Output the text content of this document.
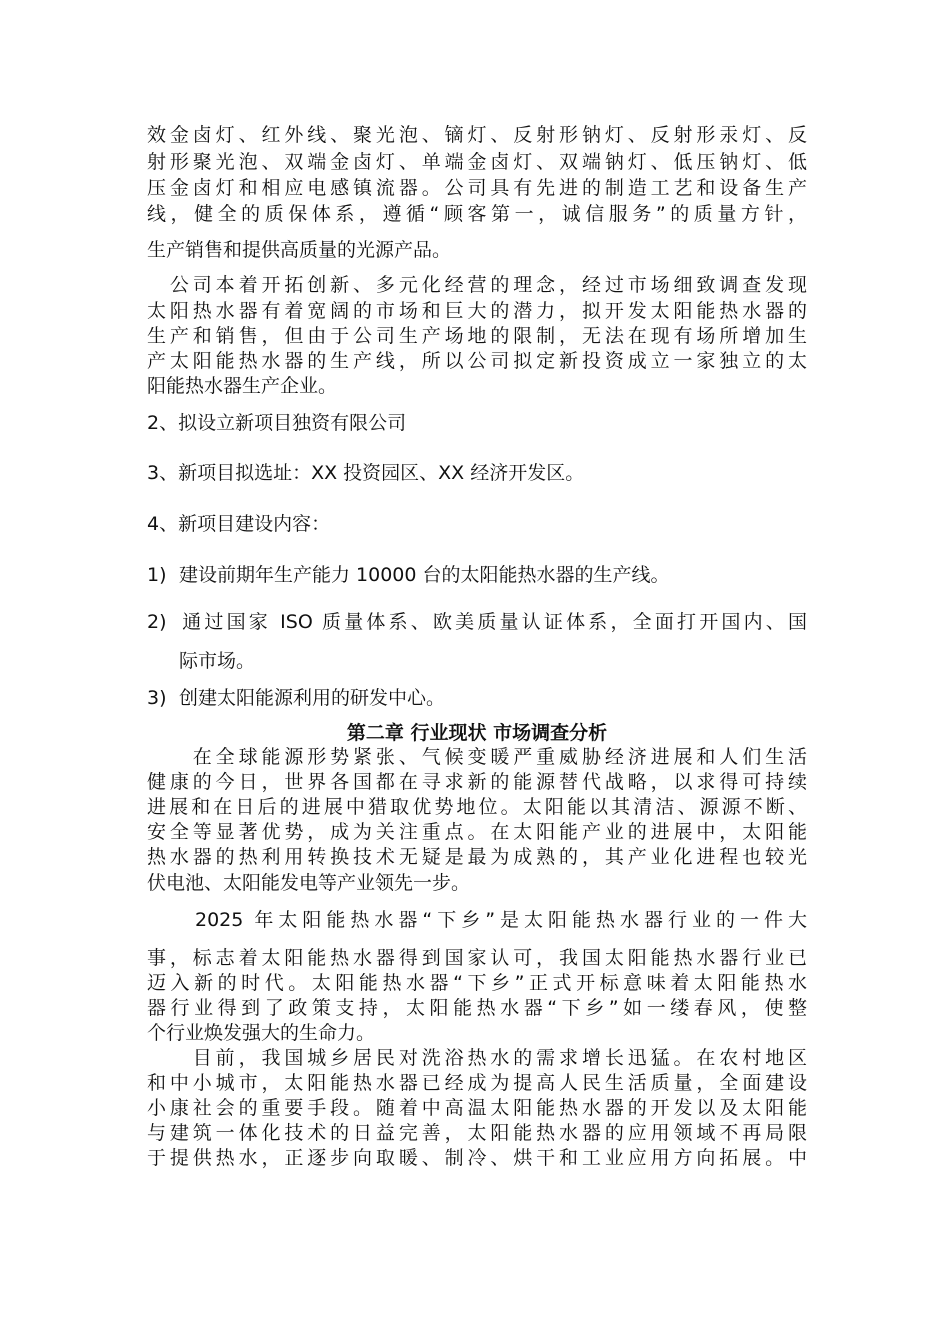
效金卤灯、红外线、聚光泡、镝灯、反射形钠灯、反射形汞灯、反

射形聚光泡、双端金卤灯、单端金卤灯、双端钠灯、低压钠灯、低

压金卤灯和相应电感镇流器。公司具有先进的制造工艺和设备生产

线，健全的质保体系，遵循“顾客第一，诚信服务”的质量方针，

生产销售和提供高质量的光源产品。

　公司本着开拓创新、多元化经营的理念，经过市场细致调查发现

太阳热水器有着宽阔的市场和巨大的潜力，拟开发太阳能热水器的

生产和销售，但由于公司生产场地的限制，无法在现有场所增加生

产太阳能热水器的生产线，所以公司拟定新投资成立一家独立的太

阳能热水器生产企业。

2、拟设立新项目独资有限公司

3、新项目拟选址：XX 投资园区、XX 经济开发区。

4、新项目建设内容：

1) 建设前期年生产能力 10000 台的太阳能热水器的生产线。

2) 通过国家 ISO 质量体系、欧美质量认证体系，全面打开国内、国

际市场。

3) 创建太阳能源利用的研发中心。

第二章 行业现状 市场调查分析

　　在全球能源形势紧张、气候变暖严重威胁经济进展和人们生活

健康的今日，世界各国都在寻求新的能源替代战略，以求得可持续

进展和在日后的进展中猎取优势地位。太阳能以其清洁、源源不断、

安全等显著优势，成为关注重点。在太阳能产业的进展中，太阳能

热水器的热利用转换技术无疑是最为成熟的，其产业化进程也较光

伏电池、太阳能发电等产业领先一步。

　　2025 年太阳能热水器“下乡”是太阳能热水器行业的一件大

事，标志着太阳能热水器得到国家认可，我国太阳能热水器行业已

迈入新的时代。太阳能热水器“下乡”正式开标意味着太阳能热水

器行业得到了政策支持，太阳能热水器“下乡”如一缕春风，使整

个行业焕发强大的生命力。

　　目前，我国城乡居民对洗浴热水的需求增长迅猛。在农村地区

和中小城市，太阳能热水器已经成为提高人民生活质量，全面建设

小康社会的重要手段。随着中高温太阳能热水器的开发以及太阳能

与建筑一体化技术的日益完善，太阳能热水器的应用领域不再局限

于提供热水，正逐步向取暖、制冷、烘干和工业应用方向拓展。中
